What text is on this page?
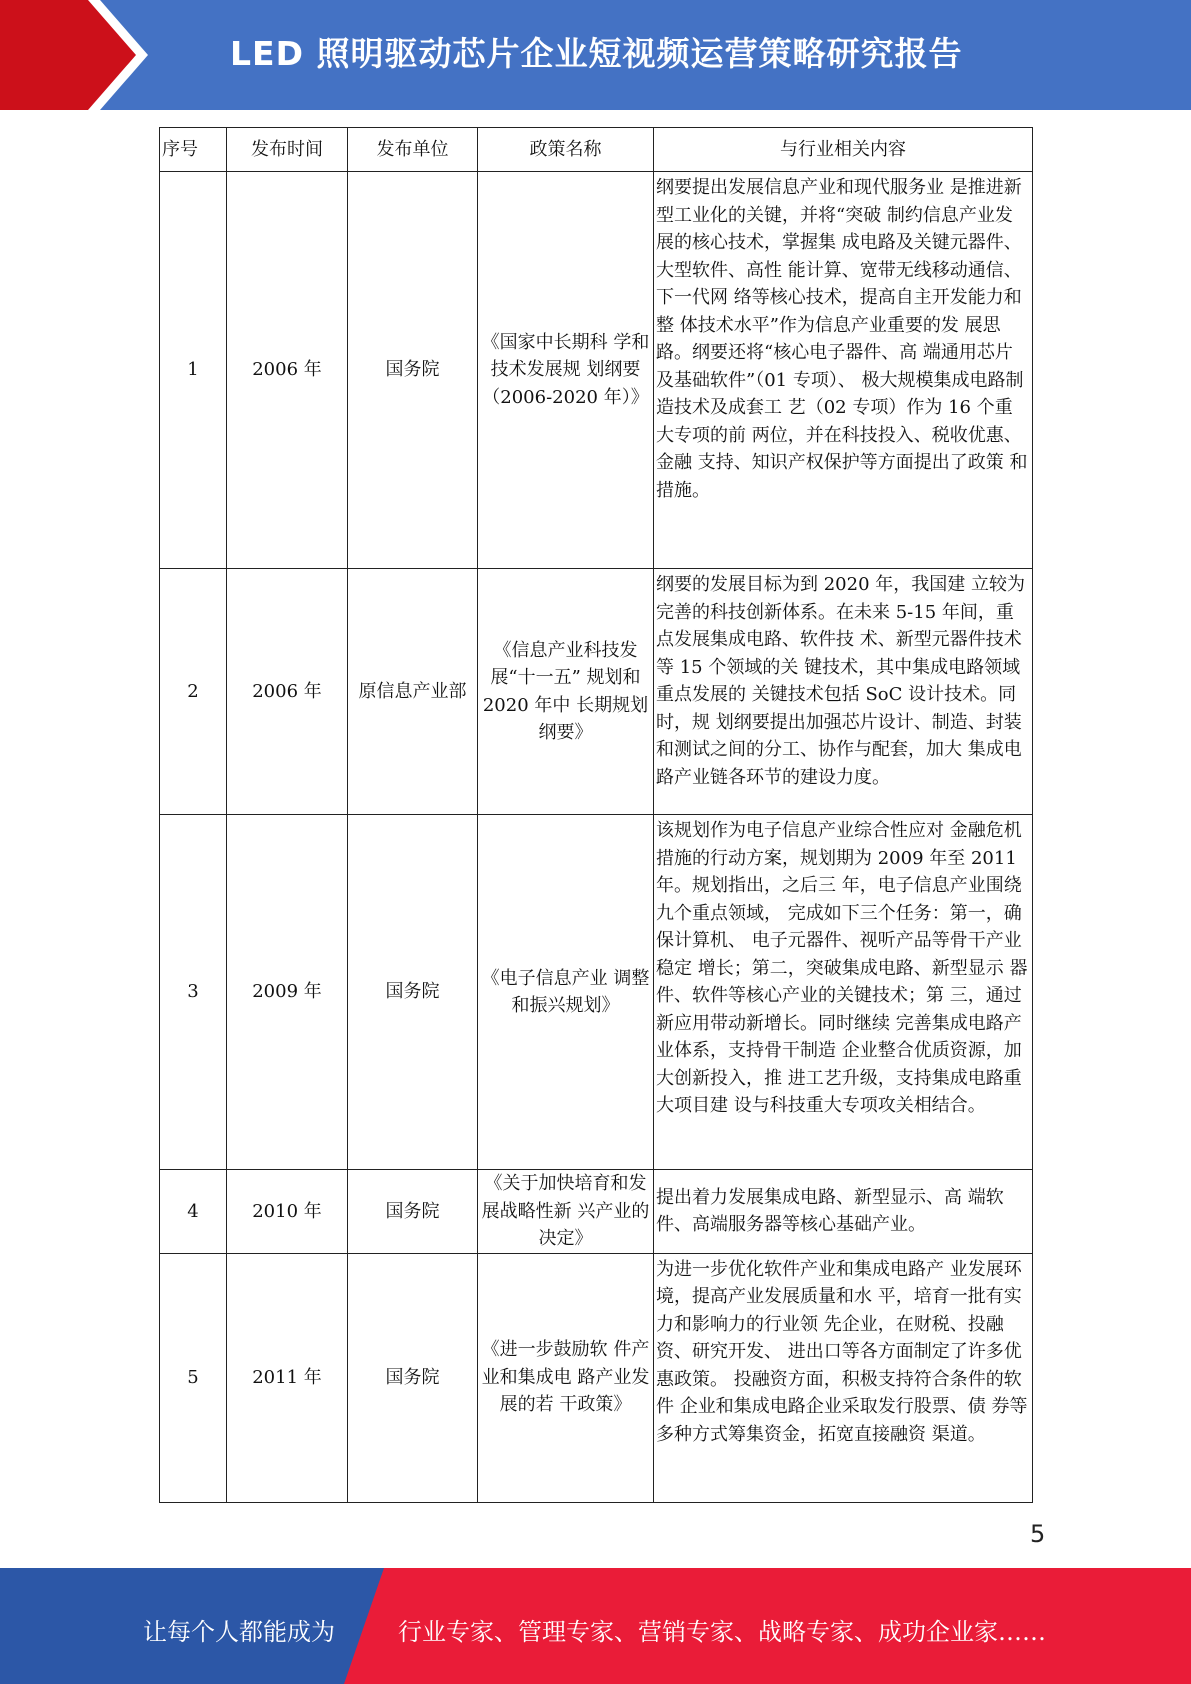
LED 照明驱动芯片企业短视频运营策略研究报告
序号	发布时间	发布单位	政策名称	与行业相关内容
1	2006 年	国务院	《国家中长期科 学和技术发展规 划纲要（2006-2020 年）》	纲要提出发展信息产业和现代服务业 是推进新型工业化的关键，并将“突破 制约信息产业发展的核心技术，掌握集 成电路及关键元器件、大型软件、高性 能计算、宽带无线移动通信、下一代网 络等核心技术，提高自主开发能力和整 体技术水平”作为信息产业重要的发 展思路。纲要还将“核心电子器件、高 端通用芯片及基础软件”（01 专项）、 极大规模集成电路制造技术及成套工 艺（02 专项）作为 16 个重大专项的前 两位，并在科技投入、税收优惠、金融 支持、知识产权保护等方面提出了政策 和措施。
2	2006 年	原信息产业部	《信息产业科技发展“十一五” 规划和 2020 年中 长期规划纲要》	纲要的发展目标为到 2020 年，我国建 立较为完善的科技创新体系。在未来 5-15 年间，重点发展集成电路、软件技 术、新型元器件技术等 15 个领域的关 键技术，其中集成电路领域重点发展的 关键技术包括 SoC 设计技术。同时，规 划纲要提出加强芯片设计、制造、封装 和测试之间的分工、协作与配套，加大 集成电路产业链各环节的建设力度。
3	2009 年	国务院	《电子信息产业 调整和振兴规划》	该规划作为电子信息产业综合性应对 金融危机措施的行动方案，规划期为 2009 年至 2011 年。规划指出，之后三 年，电子信息产业围绕九个重点领域， 完成如下三个任务：第一，确保计算机、 电子元器件、视听产品等骨干产业稳定 增长；第二，突破集成电路、新型显示 器件、软件等核心产业的关键技术；第 三，通过新应用带动新增长。同时继续 完善集成电路产业体系，支持骨干制造 企业整合优质资源，加大创新投入，推 进工艺升级，支持集成电路重大项目建 设与科技重大专项攻关相结合。
4	2010 年	国务院	《关于加快培育和发展战略性新 兴产业的决定》	提出着力发展集成电路、新型显示、高 端软件、高端服务器等核心基础产业。
5	2011 年	国务院	《进一步鼓励软 件产业和集成电 路产业发展的若 干政策》	为进一步优化软件产业和集成电路产 业发展环境，提高产业发展质量和水 平，培育一批有实力和影响力的行业领 先企业，在财税、投融资、研究开发、 进出口等各方面制定了许多优惠政策。 投融资方面，积极支持符合条件的软件 企业和集成电路企业采取发行股票、债 券等多种方式筹集资金，拓宽直接融资 渠道。
5
让每个人都能成为	行业专家、管理专家、营销专家、战略专家、成功企业家……
